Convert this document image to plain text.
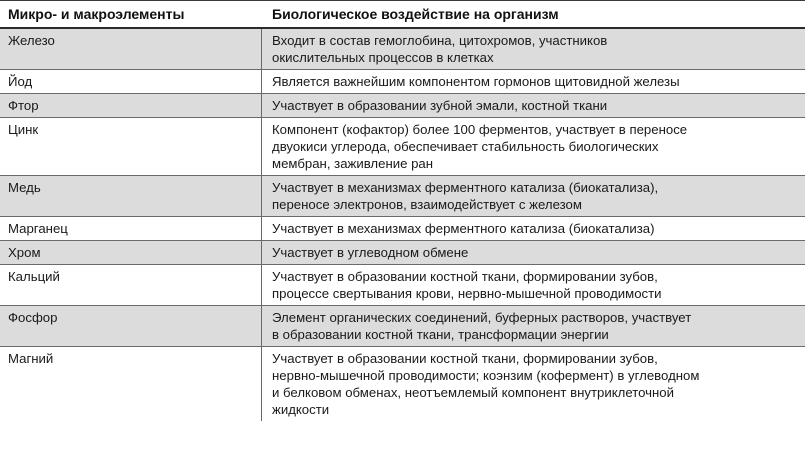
Микро- и макроэлементы	Биологическое воздействие на организм
Железо	Входит в состав гемоглобина, цитохромов, участников
окислительных процессов в клетках
Йод	Является важнейшим компонентом гормонов щитовидной железы
Фтор	Участвует в образовании зубной эмали, костной ткани
Цинк	Компонент (кофактор) более 100 ферментов, участвует в переносе
двуокиси углерода, обеспечивает стабильность биологических
мембран, заживление ран
Медь	Участвует в механизмах ферментного катализа (биокатализа),
переносе электронов, взаимодействует с железом
Марганец	Участвует в механизмах ферментного катализа (биокатализа)
Хром	Участвует в углеводном обмене
Кальций	Участвует в образовании костной ткани, формировании зубов,
процессе свертывания крови, нервно-мышечной проводимости
Фосфор	Элемент органических соединений, буферных растворов, участвует
в образовании костной ткани, трансформации энергии
Магний	Участвует в образовании костной ткани, формировании зубов,
нервно-мышечной проводимости; коэнзим (кофермент) в углеводном
и белковом обменах, неотъемлемый компонент внутриклеточной
жидкости
